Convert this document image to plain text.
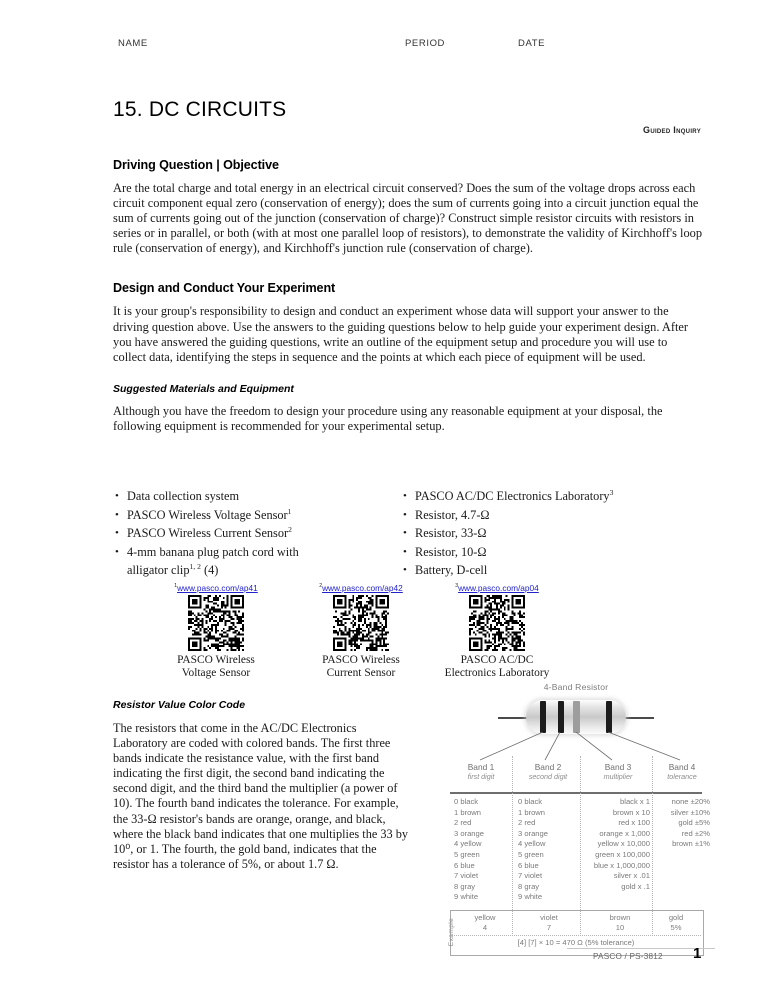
NAME	PERIOD	DATE
15. DC CIRCUITS
Guided Inquiry
Driving Question | Objective

Are the total charge and total energy in an electrical circuit conserved? Does the sum of the voltage drops across each circuit component equal zero (conservation of energy); does the sum of currents going into a circuit junction equal the sum of currents going out of the junction (conservation of charge)? Construct simple resistor circuits with resistors in series or in parallel, or both (with at most one parallel loop of resistors), to demonstrate the validity of Kirchhoff's loop rule (conservation of energy), and Kirchhoff's junction rule (conservation of charge).

Design and Conduct Your Experiment

It is your group's responsibility to design and conduct an experiment whose data will support your answer to the driving question above. Use the answers to the guiding questions below to help guide your experiment design. After you have answered the guiding questions, write an outline of the equipment setup and procedure you will use to collect data, identifying the steps in sequence and the points at which each piece of equipment will be used.

Suggested Materials and Equipment

Although you have the freedom to design your procedure using any reasonable equipment at your disposal, the following equipment is recommended for your experimental setup.

• Data collection system
• PASCO Wireless Voltage Sensor$^1$
• PASCO Wireless Current Sensor$^2$
• 4-mm banana plug patch cord with
alligator clip$^{1, 2}$ (4)
• PASCO AC/DC Electronics Laboratory$^3$
• Resistor, 4.7-Ω
• Resistor, 33-Ω
• Resistor, 10-Ω
• Battery, D-cell
$^1$www.pasco.com/ap41
PASCO Wireless
Voltage Sensor
$^2$www.pasco.com/ap42
PASCO Wireless
Current Sensor
$^3$www.pasco.com/ap04
PASCO AC/DC
Electronics Laboratory
Resistor Value Color Code
The resistors that come in the AC/DC Electronics Laboratory are coded with colored bands. The first three bands indicate the resistance value, with the first band indicating the first digit, the second band indicating the second digit, and the third band the multiplier (a power of 10). The fourth band indicates the tolerance. For example, the 33-Ω resistor's bands are orange, orange, and black, where the black band indicates that one multiplies the 33 by 10⁰, or 1. The fourth, the gold band, indicates that the resistor has a tolerance of 5%, or about 1.7 Ω.
4-Band Resistor
Band 1
first digit
Band 2
second digit
Band 3
multiplier
Band 4
tolerance
0 black
1 brown
2 red
3 orange
4 yellow
5 green
6 blue
7 violet
8 gray
9 white
0 black
1 brown
2 red
3 orange
4 yellow
5 green
6 blue
7 violet
8 gray
9 white
black x 1
brown x 10
red x 100
orange x 1,000
yellow x 10,000
green x 100,000
blue x 1,000,000
silver x .01
gold x .1
none ±20%
silver ±10%
gold ±5%
red ±2%
brown ±1%
Example
yellow
4
violet
7
brown
10
gold
5%
[4] [7] × 10 = 470 Ω (5% tolerance)
PASCO / PS-3812 1
